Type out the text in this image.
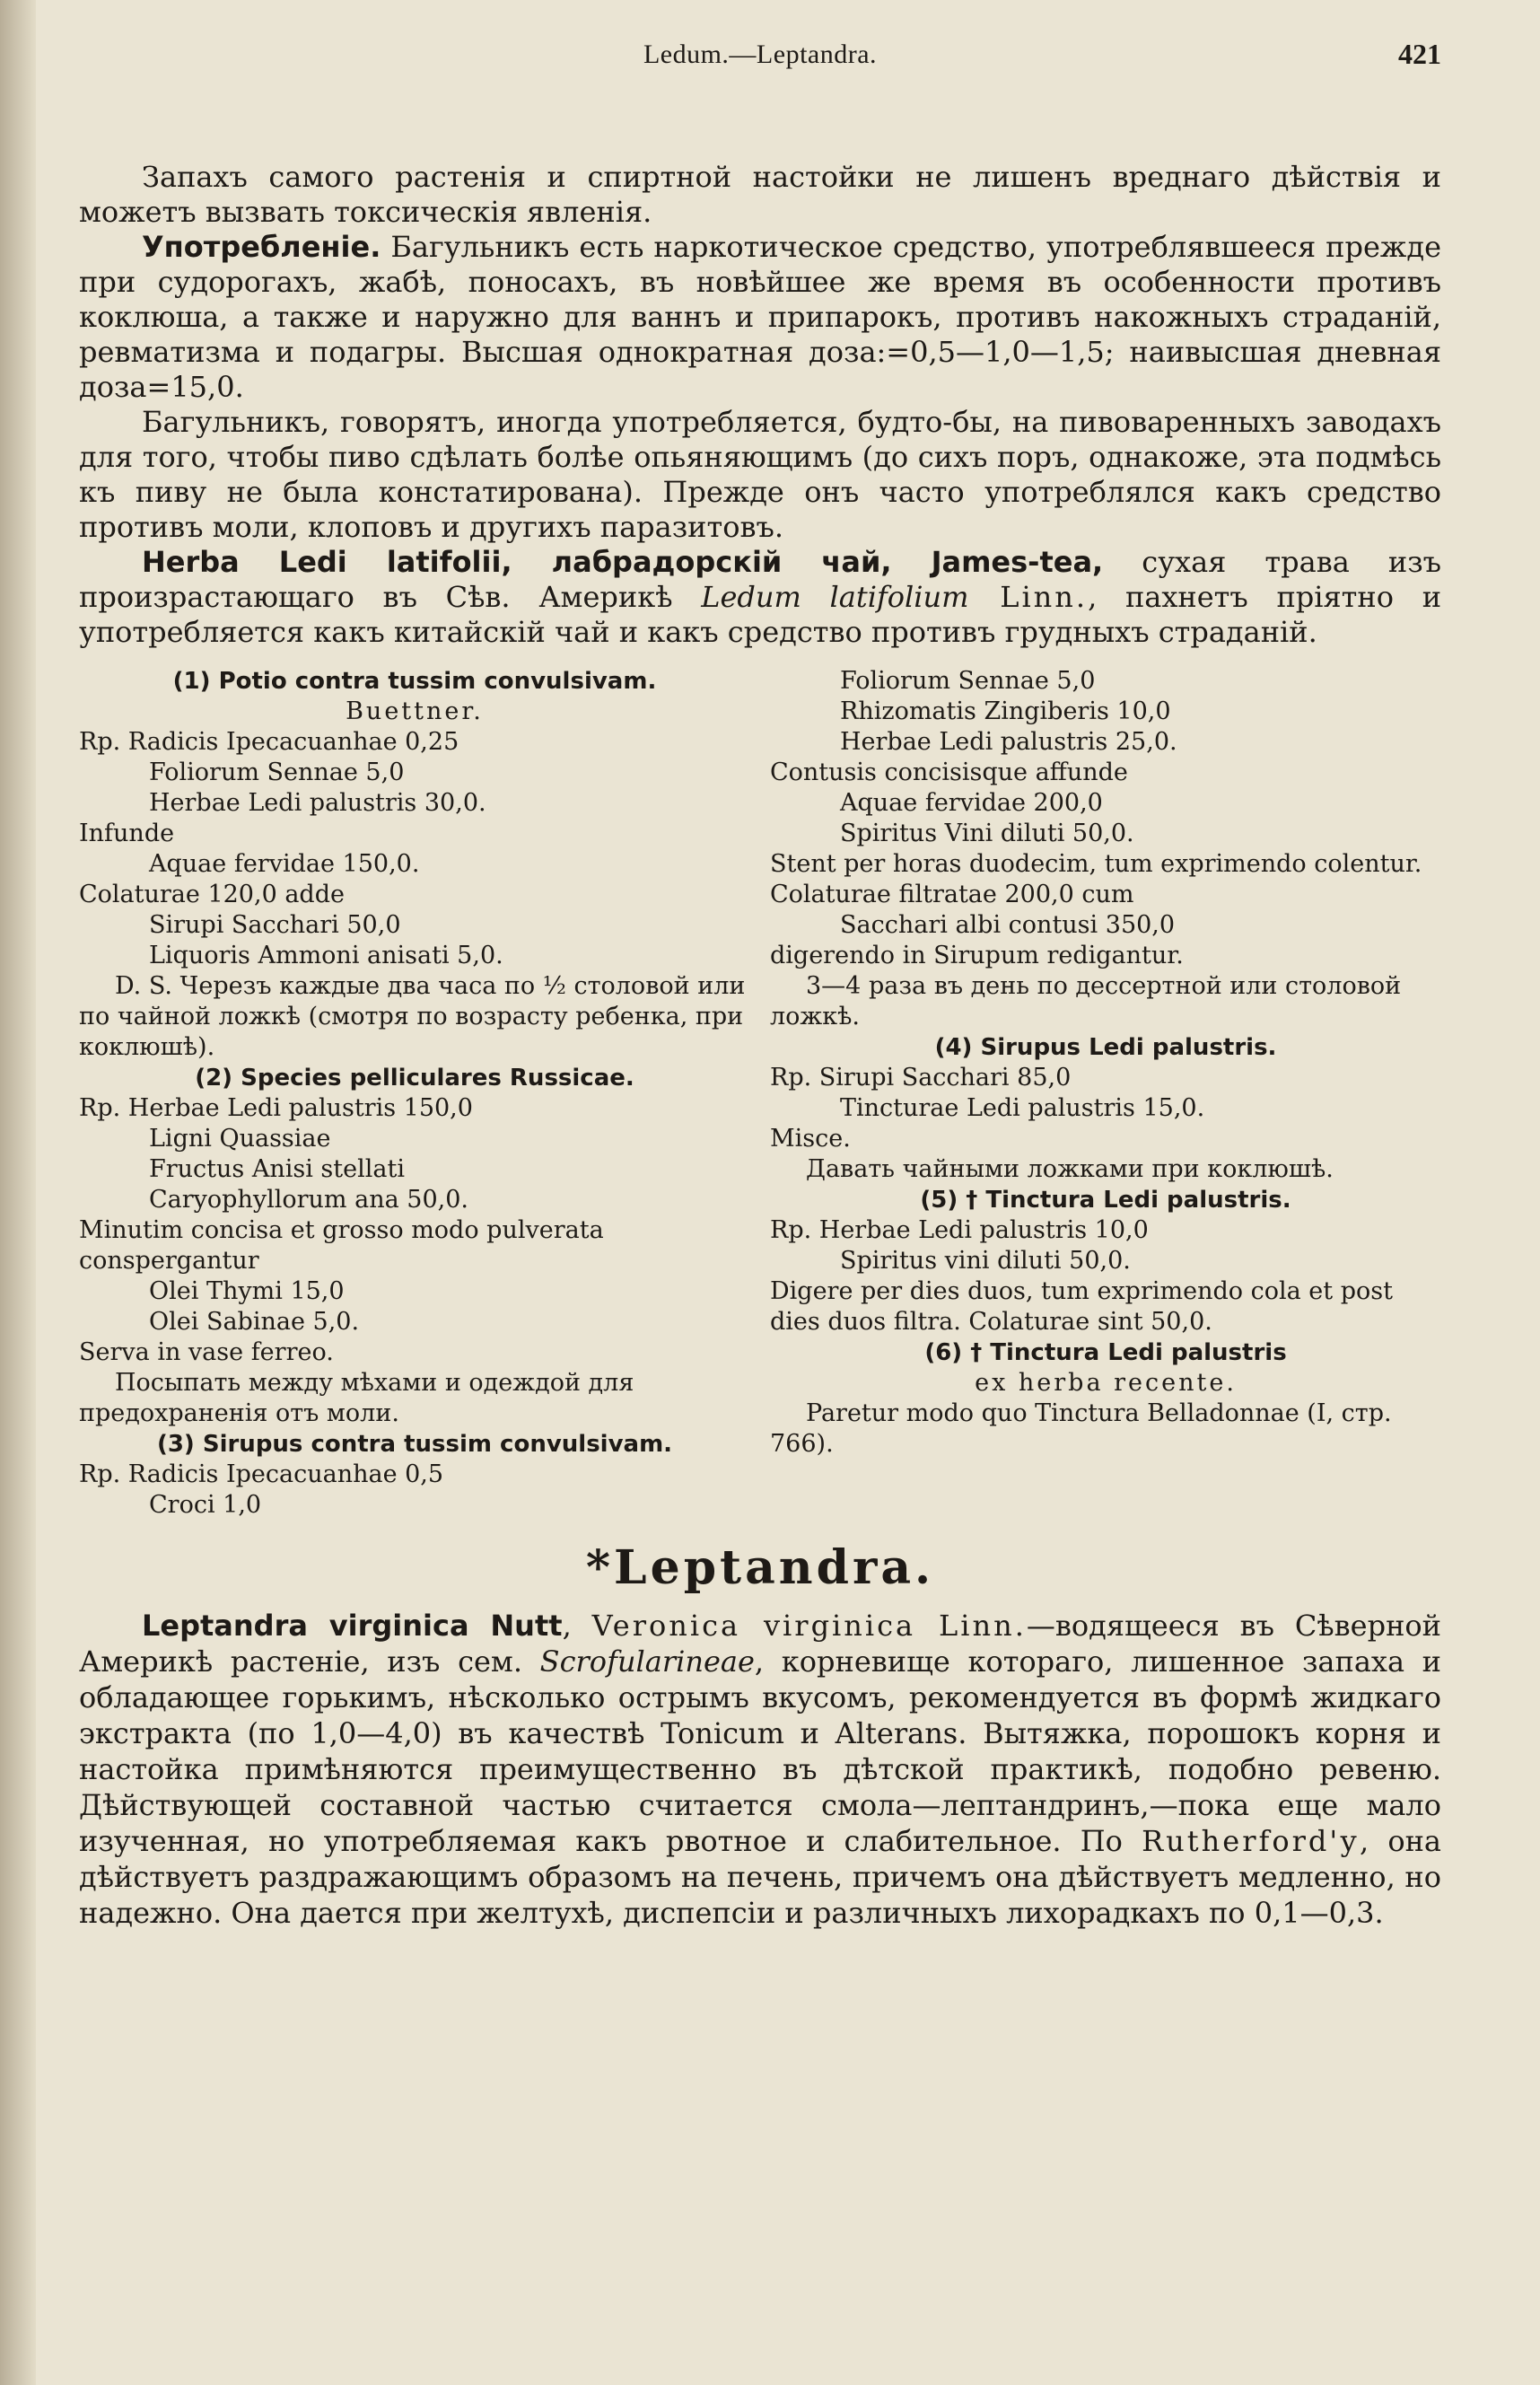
Ledum.—Leptandra.	421

Запахъ самого растенія и спиртной настойки не лишенъ вреднаго дѣйствія и можетъ вызвать токсическія явленія.

Употребленіе. Багульникъ есть наркотическое средство, употреблявшееся прежде при судорогахъ, жабѣ, поносахъ, въ новѣйшее же время въ особенности противъ коклюша, а также и наружно для ваннъ и припарокъ, противъ накожныхъ страданій, ревматизма и подагры. Высшая однократная доза:=0,5—1,0—1,5; наивысшая дневная доза=15,0.

Багульникъ, говорятъ, иногда употребляется, будто-бы, на пивоваренныхъ заводахъ для того, чтобы пиво сдѣлать болѣе опьяняющимъ (до сихъ поръ, однакоже, эта подмѣсь къ пиву не была констатирована). Прежде онъ часто употреблялся какъ средство противъ моли, клоповъ и другихъ паразитовъ.

Herba Ledi latifolii, лабрадорскій чай, James-tea, сухая трава изъ произрастающаго въ Сѣв. Америкѣ Ledum latifolium Linn., пахнетъ пріятно и употребляется какъ китайскій чай и какъ средство противъ грудныхъ страданій.

(1) Potio contra tussim convulsivam.

Buettner.

Rp. Radicis Ipecacuanhae 0,25

Foliorum Sennae 5,0

Herbae Ledi palustris 30,0.

Infunde

Aquae fervidae 150,0.

Colaturae 120,0 adde

Sirupi Sacchari 50,0

Liquoris Ammoni anisati 5,0.

D. S. Черезъ каждые два часа по ½ столовой или по чайной ложкѣ (смотря по возрасту ребенка, при коклюшѣ).

(2) Species pelliculares Russicae.

Rp. Herbae Ledi palustris 150,0

Ligni Quassiae

Fructus Anisi stellati

Caryophyllorum ana 50,0.

Minutim concisa et grosso modo pulverata conspergantur

Olei Thymi 15,0

Olei Sabinae 5,0.

Serva in vase ferreo.

Посыпать между мѣхами и одеждой для предохраненія отъ моли.

(3) Sirupus contra tussim convulsivam.

Rp. Radicis Ipecacuanhae 0,5

Croci 1,0

Foliorum Sennae 5,0

Rhizomatis Zingiberis 10,0

Herbae Ledi palustris 25,0.

Contusis concisisque affunde

Aquae fervidae 200,0

Spiritus Vini diluti 50,0.

Stent per horas duodecim, tum exprimendo colentur. Colaturae filtratae 200,0 cum

Sacchari albi contusi 350,0

digerendo in Sirupum redigantur.

3—4 раза въ день по дессертной или столовой ложкѣ.

(4) Sirupus Ledi palustris.

Rp. Sirupi Sacchari 85,0

Tincturae Ledi palustris 15,0.

Misce.

Давать чайными ложками при коклюшѣ.

(5) † Tinctura Ledi palustris.

Rp. Herbae Ledi palustris 10,0

Spiritus vini diluti 50,0.

Digere per dies duos, tum exprimendo cola et post dies duos filtra. Colaturae sint 50,0.

(6) † Tinctura Ledi palustris

ex herba recente.

Paretur modo quo Tinctura Belladonnae (I, стр. 766).

*Leptandra.

Leptandra virginica Nutt, Veronica virginica Linn.—водящееся въ Сѣверной Америкѣ растеніе, изъ сем. Scrofularineae, корневище котораго, лишенное запаха и обладающее горькимъ, нѣсколько острымъ вкусомъ, рекомендуется въ формѣ жидкаго экстракта (по 1,0—4,0) въ качествѣ Tonicum и Alterans. Вытяжка, порошокъ корня и настойка примѣняются преимущественно въ дѣтской практикѣ, подобно ревеню. Дѣйствующей составной частью считается смола—лептандринъ,—пока еще мало изученная, но употребляемая какъ рвотное и слабительное. По Rutherford'у, она дѣйствуетъ раздражающимъ образомъ на печень, причемъ она дѣйствуетъ медленно, но надежно. Она дается при желтухѣ, диспепсіи и различныхъ лихорадкахъ по 0,1—0,3.
